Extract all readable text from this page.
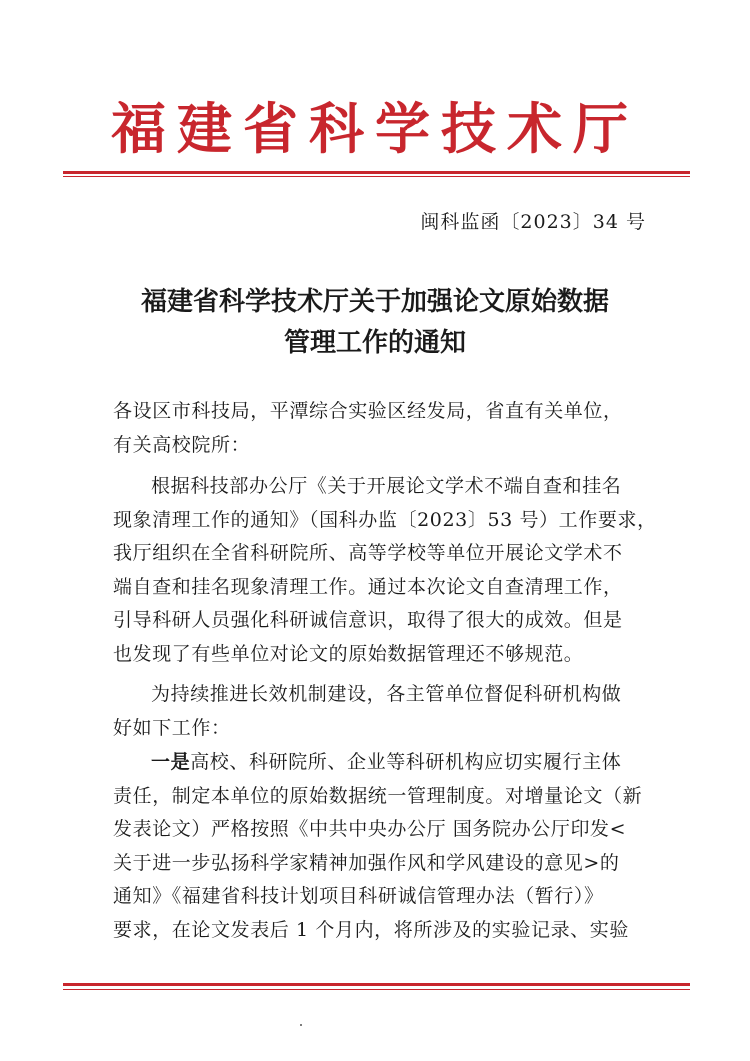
福建省科学技术厅
闽科监函〔2023〕34 号
福建省科学技术厅关于加强论文原始数据
管理工作的通知
各设区市科技局，平潭综合实验区经发局，省直有关单位，
有关高校院所：
根据科技部办公厅《关于开展论文学术不端自查和挂名
现象清理工作的通知》（国科办监〔2023〕53 号）工作要求，
我厅组织在全省科研院所、高等学校等单位开展论文学术不
端自查和挂名现象清理工作。通过本次论文自查清理工作，
引导科研人员强化科研诚信意识，取得了很大的成效。但是
也发现了有些单位对论文的原始数据管理还不够规范。
为持续推进长效机制建设，各主管单位督促科研机构做
好如下工作：
一是高校、科研院所、企业等科研机构应切实履行主体
责任，制定本单位的原始数据统一管理制度。对增量论文（新
发表论文）严格按照《中共中央办公厅 国务院办公厅印发<
关于进一步弘扬科学家精神加强作风和学风建设的意见>的
通知》《福建省科技计划项目科研诚信管理办法（暂行）》
要求，在论文发表后 1 个月内，将所涉及的实验记录、实验
